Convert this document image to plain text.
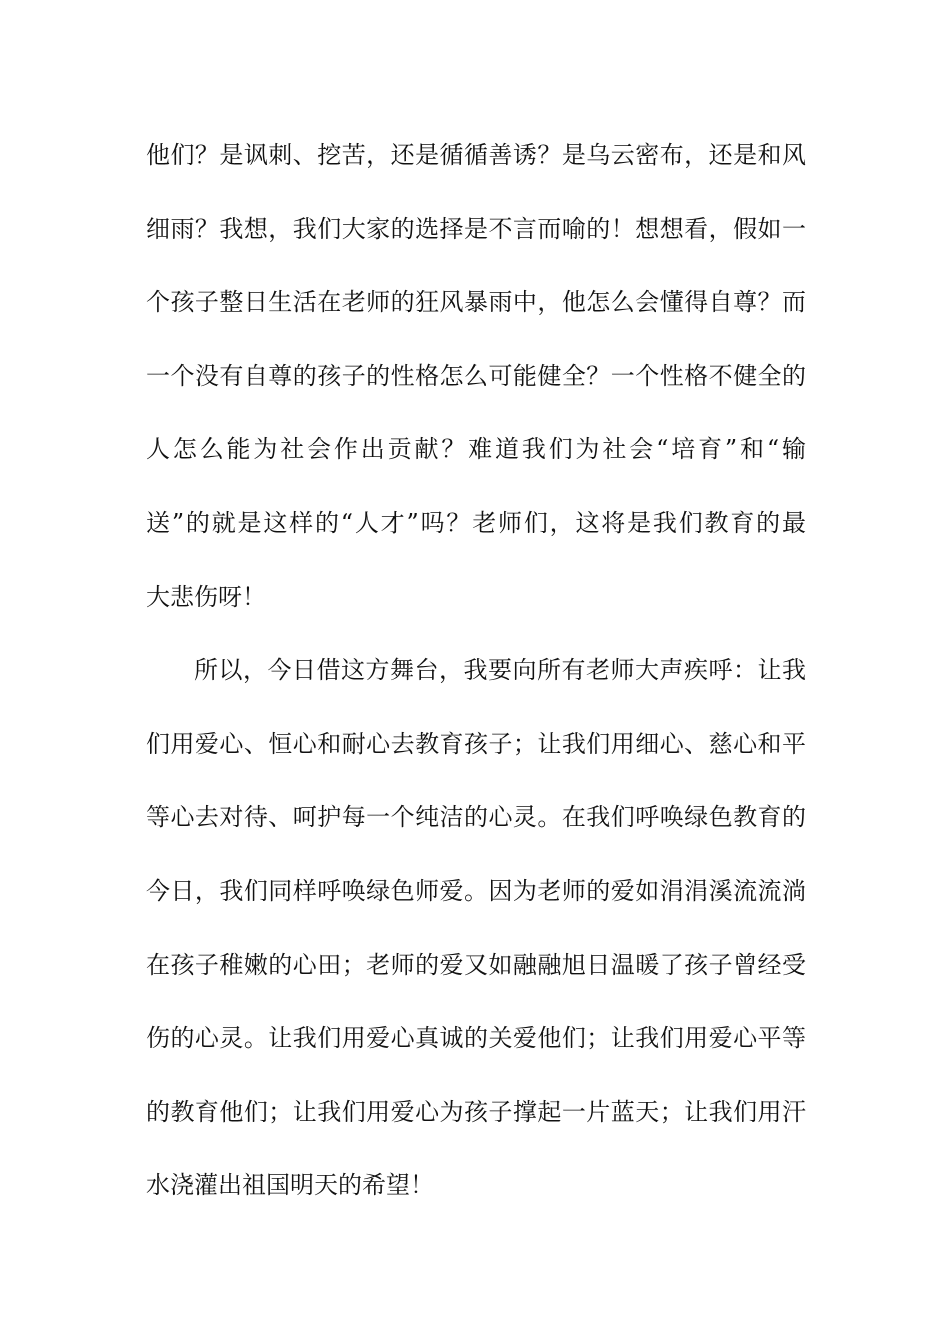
他们？是讽刺、挖苦，还是循循善诱？是乌云密布，还是和风
细雨？我想，我们大家的选择是不言而喻的！想想看，假如一
个孩子整日生活在老师的狂风暴雨中，他怎么会懂得自尊？而
一个没有自尊的孩子的性格怎么可能健全？一个性格不健全的
人怎么能为社会作出贡献？难道我们为社会“培育”和“输
送”的就是这样的“人才”吗？老师们，这将是我们教育的最
大悲伤呀！
所以，今日借这方舞台，我要向所有老师大声疾呼：让我
们用爱心、恒心和耐心去教育孩子；让我们用细心、慈心和平
等心去对待、呵护每一个纯洁的心灵。在我们呼唤绿色教育的
今日，我们同样呼唤绿色师爱。因为老师的爱如涓涓溪流流淌
在孩子稚嫩的心田；老师的爱又如融融旭日温暖了孩子曾经受
伤的心灵。让我们用爱心真诚的关爱他们；让我们用爱心平等
的教育他们；让我们用爱心为孩子撑起一片蓝天；让我们用汗
水浇灌出祖国明天的希望！
